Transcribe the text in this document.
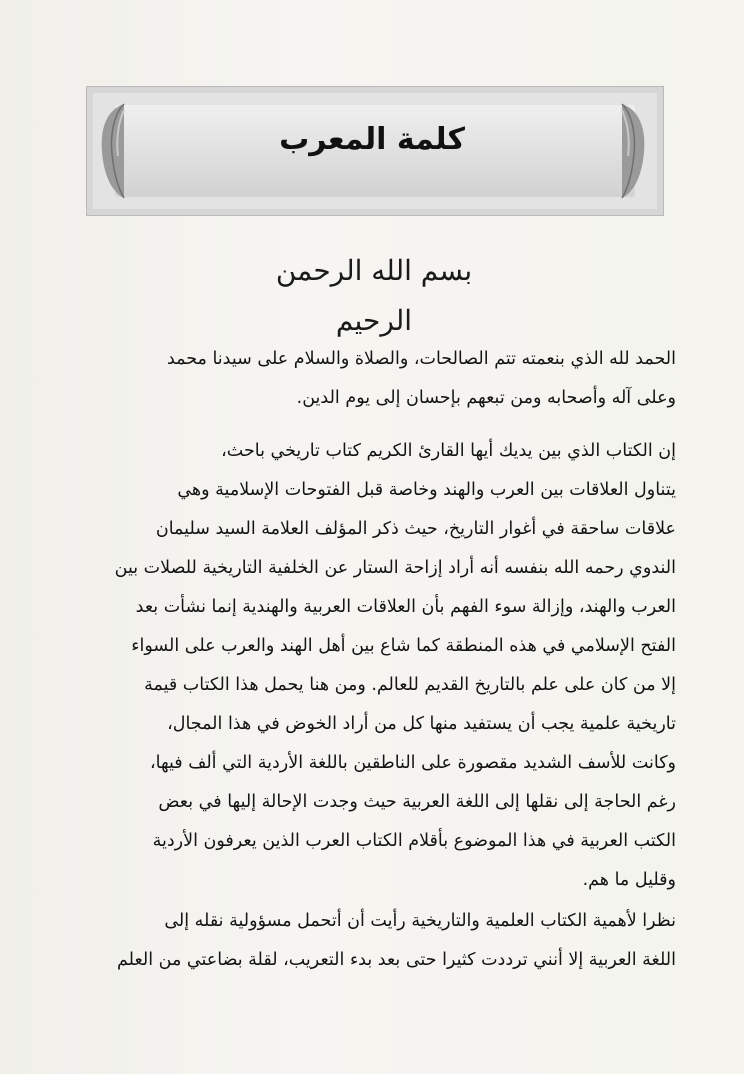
كلمة المعرب
بسم الله الرحمن الرحيم
الحمد لله الذي بنعمته تتم الصالحات، والصلاة والسلام على سيدنا محمد
وعلى آله وأصحابه ومن تبعهم بإحسان إلى يوم الدين.
إن الكتاب الذي بين يديك أيها القارئ الكريم كتاب تاريخي باحث،
يتناول العلاقات بين العرب والهند وخاصة قبل الفتوحات الإسلامية وهي
علاقات ساحقة في أغوار التاريخ، حيث ذكر المؤلف العلامة السيد سليمان
الندوي رحمه الله بنفسه أنه أراد إزاحة الستار عن الخلفية التاريخية للصلات بين
العرب والهند، وإزالة سوء الفهم بأن العلاقات العربية والهندية إنما نشأت بعد
الفتح الإسلامي في هذه المنطقة كما شاع بين أهل الهند والعرب على السواء
إلا من كان على علم بالتاريخ القديم للعالم. ومن هنا يحمل هذا الكتاب قيمة
تاريخية علمية يجب أن يستفيد منها كل من أراد الخوض في هذا المجال،
وكانت للأسف الشديد مقصورة على الناطقين باللغة الأردية التي ألف فيها،
رغم الحاجة إلى نقلها إلى اللغة العربية حيث وجدت الإحالة إليها في بعض
الكتب العربية في هذا الموضوع بأقلام الكتاب العرب الذين يعرفون الأردية
وقليل ما هم.
نظرا لأهمية الكتاب العلمية والتاريخية رأيت أن أتحمل مسؤولية نقله إلى
اللغة العربية إلا أنني ترددت كثيرا حتى بعد بدء التعريب، لقلة بضاعتي من العلم
